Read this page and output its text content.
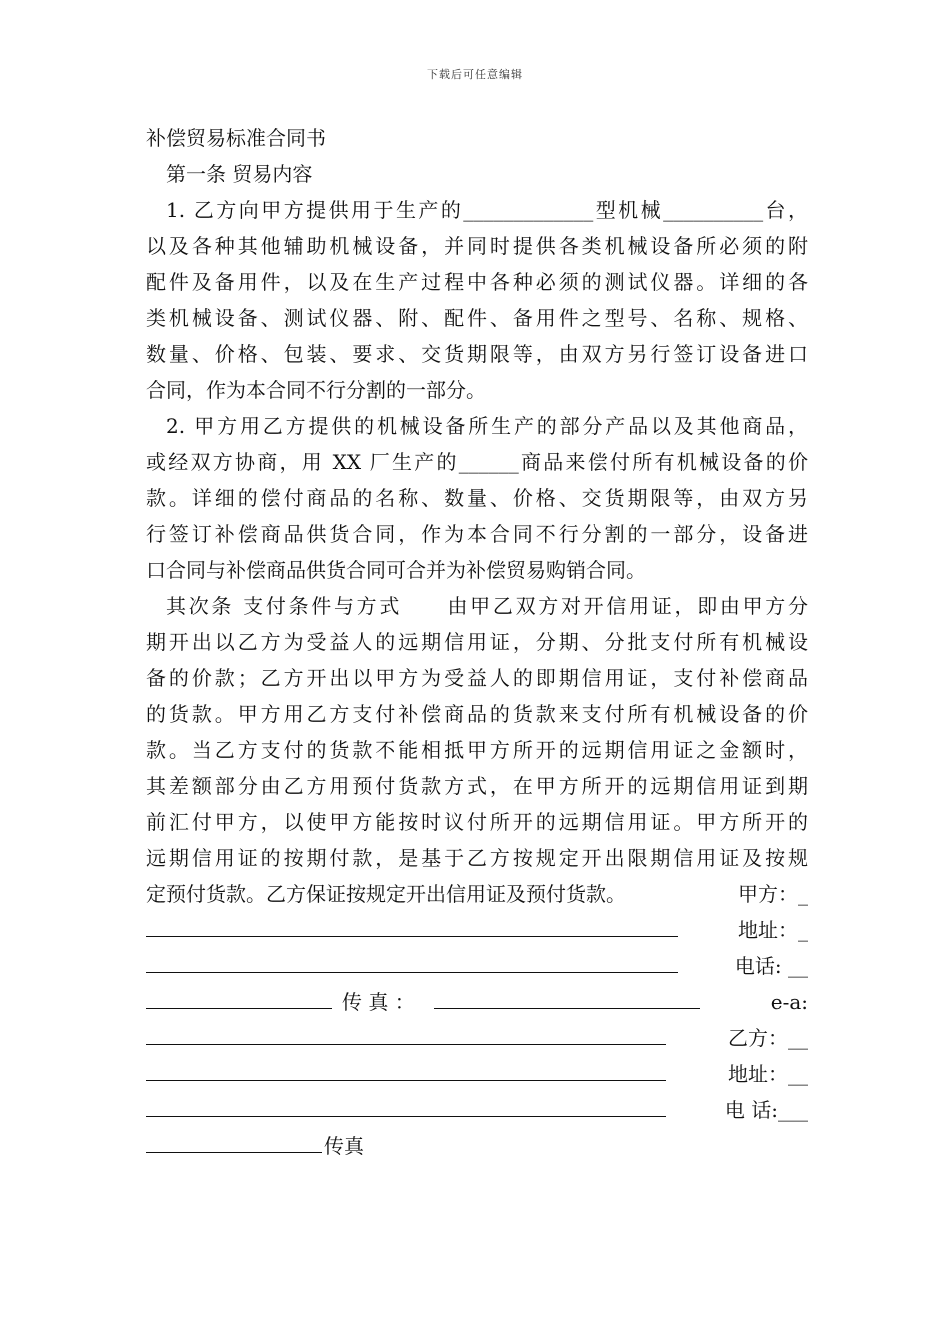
下载后可任意编辑
补偿贸易标准合同书
第一条 贸易内容
1. 乙方向甲方提供用于生产的_____________型机械__________台，
以及各种其他辅助机械设备，并同时提供各类机械设备所必须的附
配件及备用件，以及在生产过程中各种必须的测试仪器。详细的各
类机械设备、测试仪器、附、配件、备用件之型号、名称、规格、
数量、价格、包装、要求、交货期限等，由双方另行签订设备进口
合同，作为本合同不行分割的一部分。
2. 甲方用乙方提供的机械设备所生产的部分产品以及其他商品，
或经双方协商，用 XX 厂生产的______商品来偿付所有机械设备的价
款。详细的偿付商品的名称、数量、价格、交货期限等，由双方另
行签订补偿商品供货合同，作为本合同不行分割的一部分，设备进
口合同与补偿商品供货合同可合并为补偿贸易购销合同。
其次条 支付条件与方式　　由甲乙双方对开信用证，即由甲方分
期开出以乙方为受益人的远期信用证，分期、分批支付所有机械设
备的价款；乙方开出以甲方为受益人的即期信用证，支付补偿商品
的货款。甲方用乙方支付补偿商品的货款来支付所有机械设备的价
款。当乙方支付的货款不能相抵甲方所开的远期信用证之金额时，
其差额部分由乙方用预付货款方式，在甲方所开的远期信用证到期
前汇付甲方，以使甲方能按时议付所开的远期信用证。甲方所开的
远期信用证的按期付款，是基于乙方按规定开出限期信用证及按规
定预付货款。乙方保证按规定开出信用证及预付货款。	甲方：_
地址：_
电话: __
传 真 ：	e-a:
乙方：__
地址：__
电 话:___
传真
